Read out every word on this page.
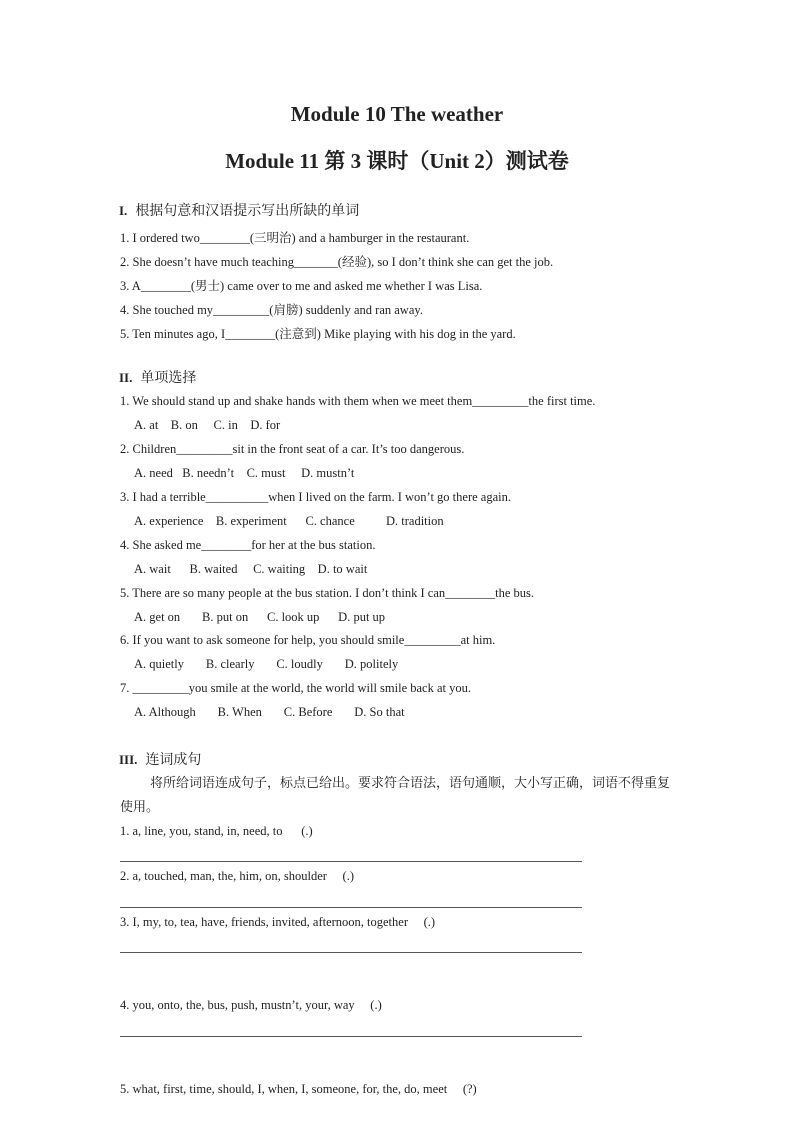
Module 10 The weather
Module 11 第 3 课时（Unit 2）测试卷
I. 根据句意和汉语提示写出所缺的单词
1. I ordered two________(三明治) and a hamburger in the restaurant.
2. She doesn’t have much teaching_______(经验), so I don’t think she can get the job.
3. A________(男士) came over to me and asked me whether I was Lisa.
4. She touched my_________(肩膀) suddenly and ran away.
5. Ten minutes ago, I________(注意到) Mike playing with his dog in the yard.
II. 单项选择
1. We should stand up and shake hands with them when we meet them_________the first time.
A. at    B. on     C. in    D. for
2. Children_________sit in the front seat of a car. It’s too dangerous.
A. need   B. needn’t    C. must     D. mustn’t
3. I had a terrible__________when I lived on the farm. I won’t go there again.
A. experience    B. experiment      C. chance          D. tradition
4. She asked me________for her at the bus station.
A. wait      B. waited     C. waiting    D. to wait
5. There are so many people at the bus station. I don’t think I can________the bus.
A. get on       B. put on      C. look up      D. put up
6. If you want to ask someone for help, you should smile_________at him.
A. quietly       B. clearly       C. loudly       D. politely
7. _________you smile at the world, the world will smile back at you.
A. Although       B. When       C. Before       D. So that
III. 连词成句
将所给词语连成句子，标点已给出。要求符合语法，语句通顺，大小写正确，词语不得重复使用。
1. a, line, you, stand, in, need, to      (.)
2. a, touched, man, the, him, on, shoulder     (.)
3. I, my, to, tea, have, friends, invited, afternoon, together     (.)
4. you, onto, the, bus, push, mustn’t, your, way     (.)
5. what, first, time, should, I, when, I, someone, for, the, do, meet     (?)
